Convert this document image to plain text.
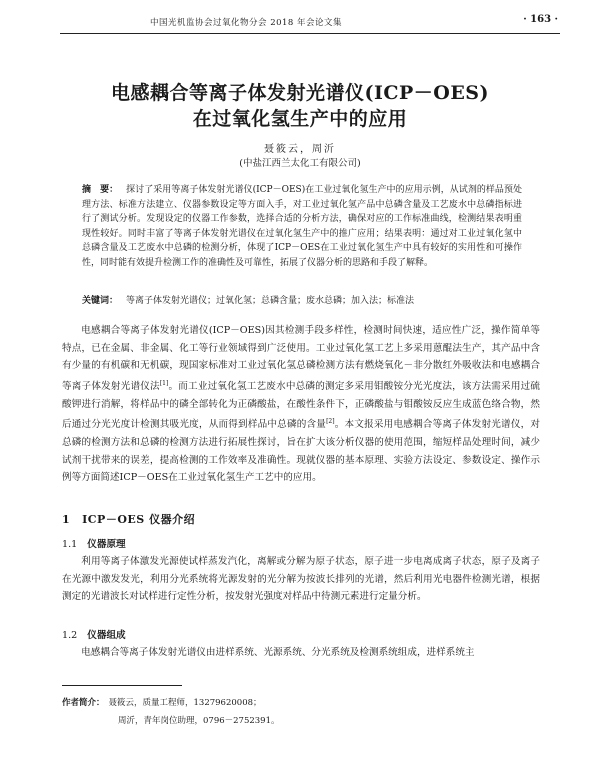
中国光机监协会过氧化物分会 2018 年会论文集	· 163 ·
电感耦合等离子体发射光谱仪(ICP－OES)
在过氧化氢生产中的应用
聂筱云，周沂
(中盐江西兰太化工有限公司)
摘　要： 探讨了采用等离子体发射光谱仪(ICP－OES)在工业过氧化氢生产中的应用示例，从试剂的样品预处理方法、标准方法建立、仪器参数设定等方面入手，对工业过氧化氢产品中总磷含量及工艺废水中总磷指标进行了测试分析。发现设定的仪器工作参数，选择合适的分析方法，确保对应的工作标准曲线，检测结果表明重现性较好。同时丰富了等离子体发射光谱仪在过氧化氢生产中的推广应用；结果表明：通过对工业过氧化氢中总磷含量及工艺废水中总磷的检测分析，体现了ICP－OES在工业过氧化氢生产中具有较好的实用性和可操作性，同时能有效提升检测工作的准确性及可靠性，拓展了仪器分析的思路和手段了解释。
关键词： 等离子体发射光谱仪；过氧化氢；总磷含量；废水总磷；加入法；标准法
电感耦合等离子体发射光谱仪(ICP－OES)因其检测手段多样性，检测时间快速，适应性广泛，操作简单等特点，已在金属、非金属、化工等行业领域得到广泛使用。工业过氧化氢工艺上多采用蒽醌法生产，其产品中含有少量的有机碳和无机碳，现国家标准对工业过氧化氢总磷检测方法有燃烧氧化－非分散红外吸收法和电感耦合等离子体发射光谱仪法[1]。而工业过氧化氢工艺废水中总磷的测定多采用钼酸铵分光光度法，该方法需采用过硫酸钾进行消解，将样品中的磷全部转化为正磷酸盐，在酸性条件下，正磷酸盐与钼酸铵反应生成蓝色络合物，然后通过分光光度计检测其吸光度，从而得到样品中总磷的含量[2]。本文报采用电感耦合等离子体发射光谱仪，对总磷的检测方法和总磷的检测方法进行拓展性探讨，旨在扩大该分析仪器的使用范围，缩短样品处理时间，减少试剂干扰带来的误差，提高检测的工作效率及准确性。现就仪器的基本原理、实验方法设定、参数设定、操作示例等方面简述ICP－OES在工业过氧化氢生产工艺中的应用。
1 ICP－OES 仪器介绍
1.1 仪器原理
利用等离子体激发光源使试样蒸发汽化，离解或分解为原子状态，原子进一步电离成离子状态，原子及离子在光源中激发发光，利用分光系统将光源发射的光分解为按波长排列的光谱，然后利用光电器件检测光谱，根据测定的光谱波长对试样进行定性分析，按发射光强度对样品中待测元素进行定量分析。
1.2 仪器组成
电感耦合等离子体发射光谱仪由进样系统、光源系统、分光系统及检测系统组成，进样系统主
作者简介： 聂筱云，质量工程师，13279620008；
周沂，青年岗位助理，0796－2752391。
